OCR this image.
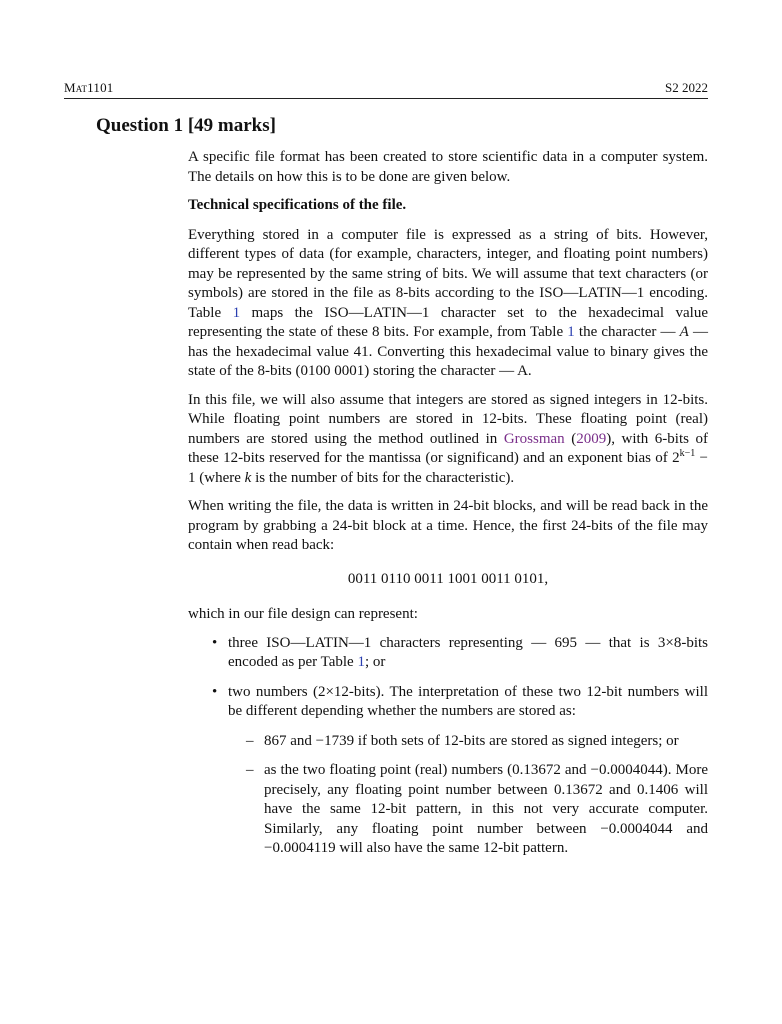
Mat1101	S2 2022
Question 1 [49 marks]

A specific file format has been created to store scientific data in a computer system. The details on how this is to be done are given below.

Technical specifications of the file.

Everything stored in a computer file is expressed as a string of bits. However, different types of data (for example, characters, integer, and floating point numbers) may be represented by the same string of bits. We will assume that text characters (or symbols) are stored in the file as 8-bits according to the ISO—LATIN—1 encoding. Table 1 maps the ISO—LATIN—1 character set to the hexadecimal value representing the state of these 8 bits. For example, from Table 1 the character — A — has the hexadecimal value 41. Converting this hexadecimal value to binary gives the state of the 8-bits (0100 0001) storing the character — A.

In this file, we will also assume that integers are stored as signed integers in 12-bits. While floating point numbers are stored in 12-bits. These floating point (real) numbers are stored using the method outlined in Grossman (2009), with 6-bits of these 12-bits reserved for the mantissa (or significand) and an exponent bias of $2^{k-1} - 1$ (where k is the number of bits for the characteristic).

When writing the file, the data is written in 24-bit blocks, and will be read back in the program by grabbing a 24-bit block at a time. Hence, the first 24-bits of the file may contain when read back:

0011 0110 0011 1001 0011 0101,

which in our file design can represent:

• three ISO—LATIN—1 characters representing — 695 — that is 3×8-bits encoded as per Table 1; or
• two numbers (2×12-bits). The interpretation of these two 12-bit numbers will be different depending whether the numbers are stored as:
– 867 and −1739 if both sets of 12-bits are stored as signed integers; or
– as the two floating point (real) numbers (0.13672 and −0.0004044). More precisely, any floating point number between 0.13672 and 0.1406 will have the same 12-bit pattern, in this not very accurate computer. Similarly, any floating point number between −0.0004044 and −0.0004119 will also have the same 12-bit pattern.
